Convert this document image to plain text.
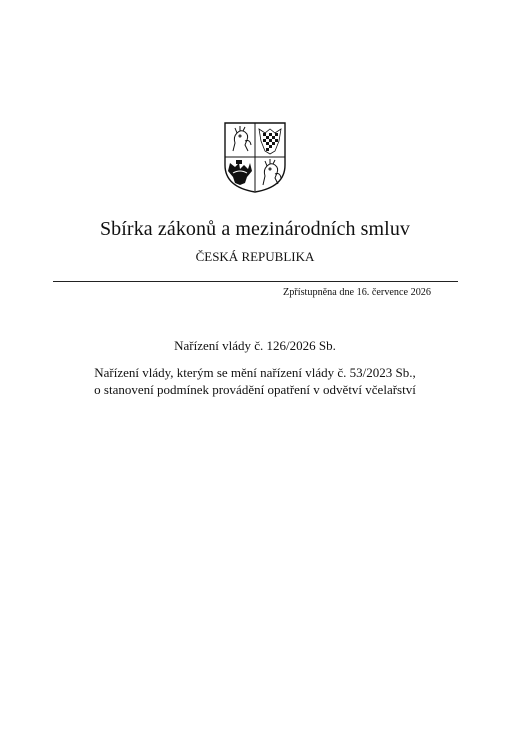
Sbírka zákonů a mezinárodních smluv
ČESKÁ REPUBLIKA
Zpřístupněna dne 16. července 2026
Nařízení vlády č. 126/2026 Sb.
Nařízení vlády, kterým se mění nařízení vlády č. 53/2023 Sb.,
o stanovení podmínek provádění opatření v odvětví včelařství
